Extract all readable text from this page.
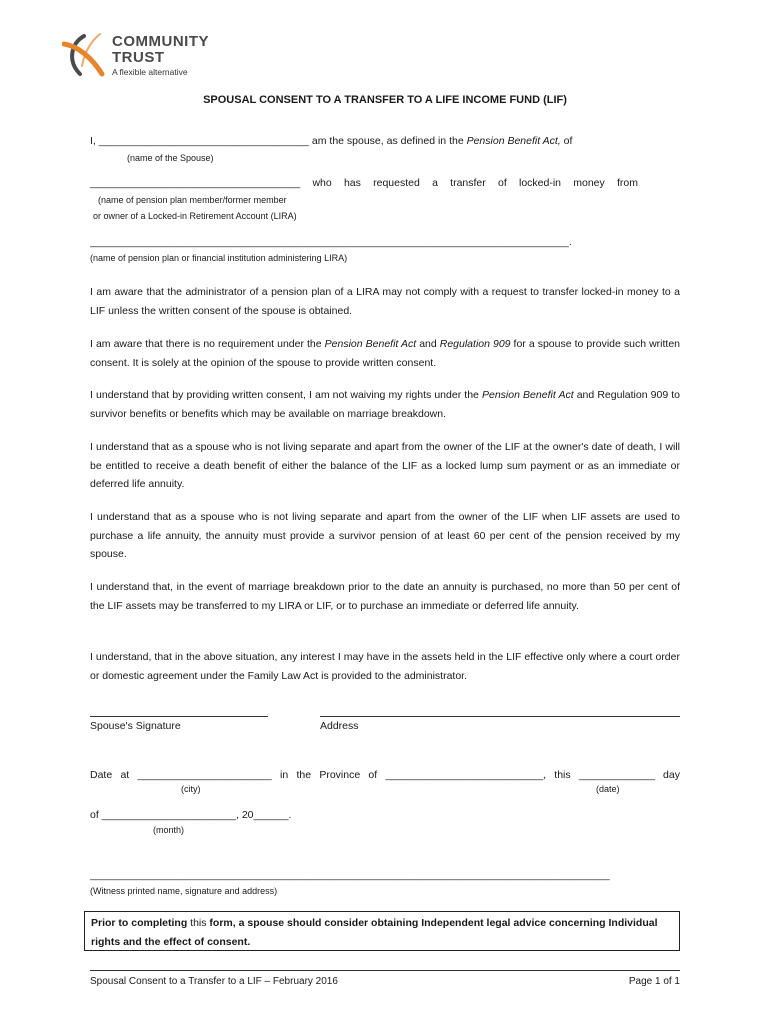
COMMUNITY
TRUST
A flexible alternative
SPOUSAL CONSENT TO A TRANSFER TO A LIFE INCOME FUND (LIF)
I, ____________________________________ am the spouse, as defined in the Pension Benefit Act, of
(name of the Spouse)
____________________________________ who has requested a transfer of locked-in money from
(name of pension plan member/former member
or owner of a Locked-in Retirement Account (LIRA)
__________________________________________________________________________________.
(name of pension plan or financial institution administering LIRA)
I am aware that the administrator of a pension plan of a LIRA may not comply with a request to transfer locked-in money to a LIF unless the written consent of the spouse is obtained.
I am aware that there is no requirement under the Pension Benefit Act and Regulation 909 for a spouse to provide such written consent. It is solely at the opinion of the spouse to provide written consent.
I understand that by providing written consent, I am not waiving my rights under the Pension Benefit Act and Regulation 909 to survivor benefits or benefits which may be available on marriage breakdown.
I understand that as a spouse who is not living separate and apart from the owner of the LIF at the owner's date of death, I will be entitled to receive a death benefit of either the balance of the LIF as a locked lump sum payment or as an immediate or deferred life annuity.
I understand that as a spouse who is not living separate and apart from the owner of the LIF when LIF assets are used to purchase a life annuity, the annuity must provide a survivor pension of at least 60 per cent of the pension received by my spouse.
I understand that, in the event of marriage breakdown prior to the date an annuity is purchased, no more than 50 per cent of the LIF assets may be transferred to my LIRA or LIF, or to purchase an immediate or deferred life annuity.
I understand, that in the above situation, any interest I may have in the assets held in the LIF effective only where a court order or domestic agreement under the Family Law Act is provided to the administrator.
Spouse's Signature	Address
Date at _______________________ in the Province of ___________________________, this _____________ day
(city)	(date)
of _______________________, 20______.
(month)
_________________________________________________________________________________________
(Witness printed name, signature and address)
Prior to completing this form, a spouse should consider obtaining Independent legal advice concerning Individual rights and the effect of consent.
Spousal Consent to a Transfer to a LIF – February 2016	Page 1 of 1
